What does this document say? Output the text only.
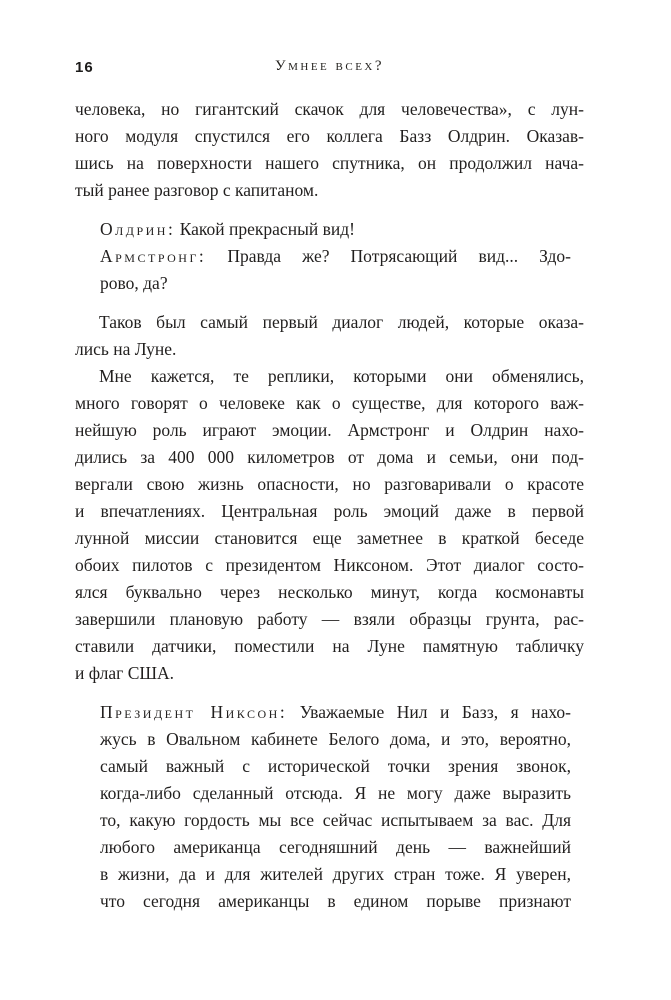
16	Умнее всех?
человека, но гигантский скачок для человечества», с лун-
ного модуля спустился его коллега Базз Олдрин. Оказав-
шись на поверхности нашего спутника, он продолжил нача-
тый ранее разговор с капитаном.
Олдрин : Какой прекрасный вид!
Армстронг : Правда же? Потрясающий вид... Здо-
рово, да?
Таков был самый первый диалог людей, которые оказа-
лись на Луне.
Мне кажется, те реплики, которыми они обменялись,
много говорят о человеке как о существе, для которого важ-
нейшую роль играют эмоции. Армстронг и Олдрин нахо-
дились за 400 000 километров от дома и семьи, они под-
вергали свою жизнь опасности, но разговаривали о красоте
и впечатлениях. Центральная роль эмоций даже в первой
лунной миссии становится еще заметнее в краткой беседе
обоих пилотов с президентом Никсоном. Этот диалог состо-
ялся буквально через несколько минут, когда космонавты
завершили плановую работу — взяли образцы грунта, рас-
ставили датчики, поместили на Луне памятную табличку
и флаг США.
Президент Никсон : Уважаемые Нил и Базз, я нахо-
жусь в Овальном кабинете Белого дома, и это, вероятно,
самый важный с исторической точки зрения звонок,
когда-либо сделанный отсюда. Я не могу даже выразить
то, какую гордость мы все сейчас испытываем за вас. Для
любого американца сегодняшний день — важнейший
в жизни, да и для жителей других стран тоже. Я уверен,
что сегодня американцы в едином порыве признают
